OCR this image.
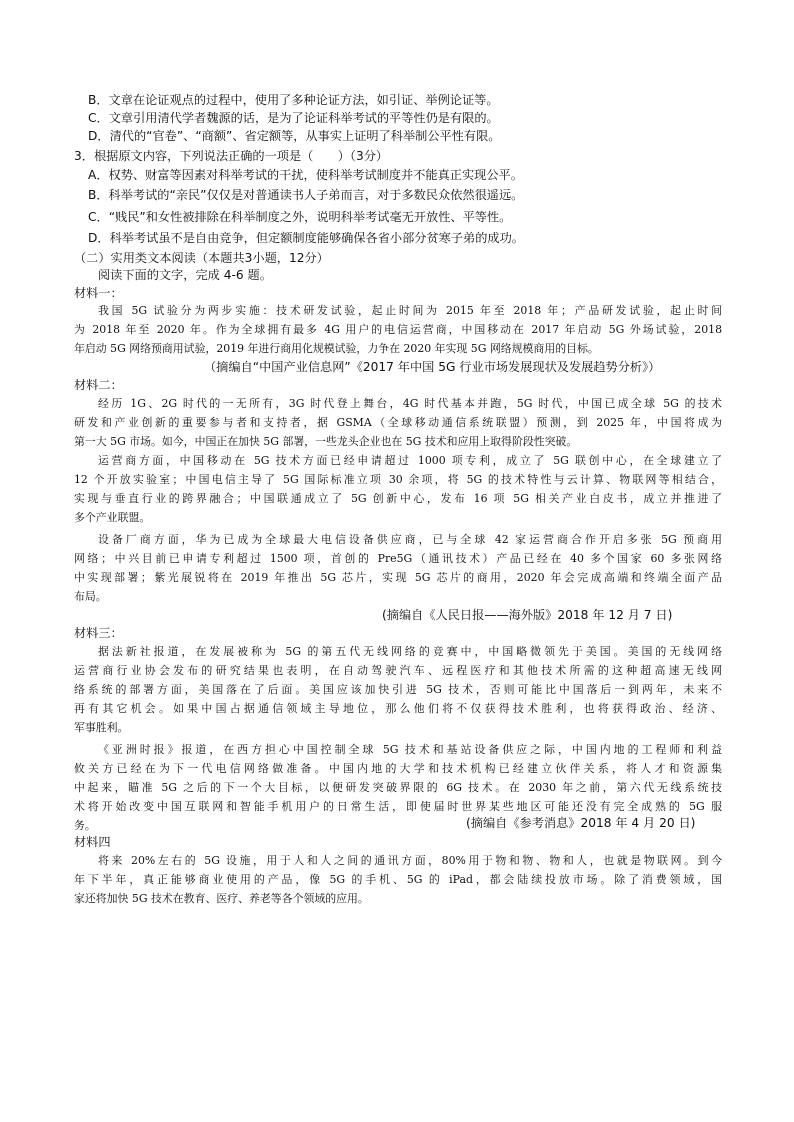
B．文章在论证观点的过程中，使用了多种论证方法，如引证、举例论证等。
C．文章引用清代学者魏源的话，是为了论证科举考试的平等性仍是有限的。
D．清代的“官卷”、“商额”、省定额等，从事实上证明了科举制公平性有限。
3．根据原文内容，下列说法正确的一项是（　　）（3分）
A．权势、财富等因素对科举考试的干扰，使科举考试制度并不能真正实现公平。
B．科举考试的“亲民”仅仅是对普通读书人子弟而言，对于多数民众依然很遥远。
C．“贱民”和女性被排除在科举制度之外，说明科举考试毫无开放性、平等性。
D．科举考试虽不是自由竞争，但定额制度能够确保各省小部分贫寒子弟的成功。
（二）实用类文本阅读（本题共3小题，12分）
阅读下面的文字，完成 4-6 题。
材料一：
我国 5G 试验分为两步实施：技术研发试验，起止时间为 2015 年至 2018 年；产品研发试验，起止时间
为 2018 年至 2020 年。作为全球拥有最多 4G 用户的电信运营商，中国移动在 2017 年启动 5G 外场试验，2018
年启动 5G 网络预商用试验，2019 年进行商用化规模试验，力争在 2020 年实现 5G 网络规模商用的目标。
（摘编自“中国产业信息网”《2017 年中国 5G 行业市场发展现状及发展趋势分析》）
材料二：
经历 1G、2G 时代的一无所有，3G 时代登上舞台，4G 时代基本并跑，5G 时代，中国已成全球 5G 的技术
研发和产业创新的重要参与者和支持者，据 GSMA（全球移动通信系统联盟）预测，到 2025 年，中国将成为
第一大 5G 市场。如今，中国正在加快 5G 部署，一些龙头企业也在 5G 技术和应用上取得阶段性突破。
运营商方面，中国移动在 5G 技术方面已经申请超过 1000 项专利，成立了 5G 联创中心，在全球建立了
12 个开放实验室；中国电信主导了 5G 国际标准立项 30 余项，将 5G 的技术特性与云计算、物联网等相结合，
实现与垂直行业的跨界融合；中国联通成立了 5G 创新中心，发布 16 项 5G 相关产业白皮书，成立并推进了
多个产业联盟。
设备厂商方面，华为已成为全球最大电信设备供应商，已与全球 42 家运营商合作开启多张 5G 预商用
网络；中兴目前已申请专利超过 1500 项，首创的 Pre5G（通讯技术）产品已经在 40 多个国家 60 多张网络
中实现部署；紫光展锐将在 2019 年推出 5G 芯片，实现 5G 芯片的商用，2020 年会完成高端和终端全面产品
布局。
(摘编自《人民日报——海外版》2018 年 12 月 7 日)
材料三：
据法新社报道，在发展被称为 5G 的第五代无线网络的竞赛中，中国略微领先于美国。美国的无线网络
运营商行业协会发布的研究结果也表明，在自动驾驶汽车、远程医疗和其他技术所需的这种超高速无线网
络系统的部署方面，美国落在了后面。美国应该加快引进 5G 技术，否则可能比中国落后一到两年，未来不
再有其它机会。如果中国占据通信领域主导地位，那么他们将不仅获得技术胜利，也将获得政治、经济、
军事胜利。
《亚洲时报》报道，在西方担心中国控制全球 5G 技术和基站设备供应之际，中国内地的工程师和利益
攸关方已经在为下一代电信网络做准备。中国内地的大学和技术机构已经建立伙伴关系，将人才和资源集
中起来，瞄准 5G 之后的下一个大目标，以便研发突破界限的 6G 技术。在 2030 年之前，第六代无线系统技
术将开始改变中国互联网和智能手机用户的日常生活，即使届时世界某些地区可能还没有完全成熟的 5G 服
务。	(摘编自《参考消息》2018 年 4 月 20 日)
材料四
将来 20%左右的 5G 设施，用于人和人之间的通讯方面，80%用于物和物、物和人，也就是物联网。到今
年下半年，真正能够商业使用的产品，像 5G 的手机、5G 的 iPad，都会陆续投放市场。除了消费领域，国
家还将加快 5G 技术在教育、医疗、养老等各个领域的应用。
